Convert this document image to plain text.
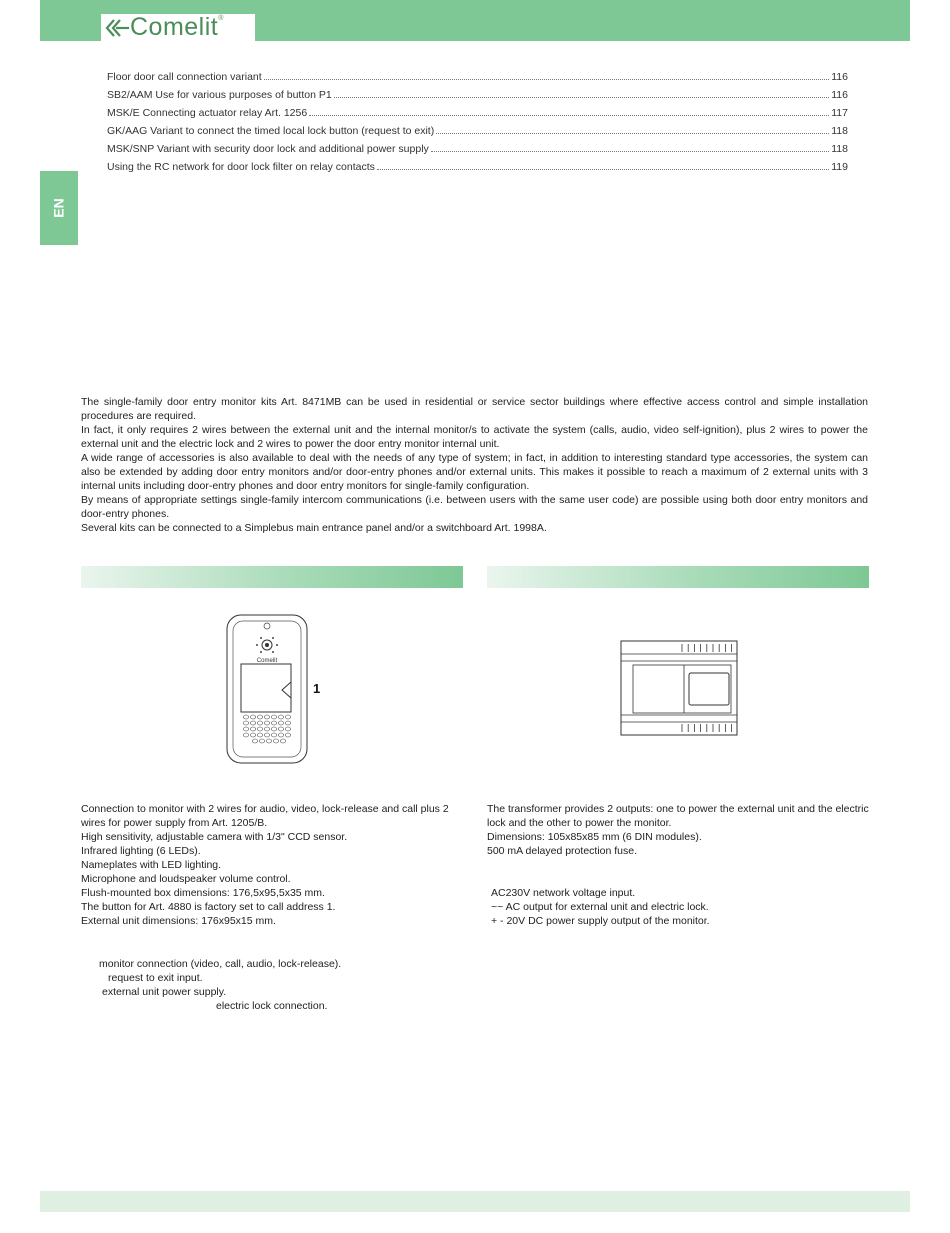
Comelit ®
EN
Floor door call connection variant	116
SB2/AAM Use for various purposes of button P1	116
MSK/E Connecting actuator relay Art. 1256	117
GK/AAG Variant to connect the timed local lock button (request to exit)	118
MSK/SNP Variant with security door lock and additional power supply	118
Using the RC network for door lock filter on relay contacts	119

The single-family door entry monitor kits Art. 8471MB can be used in residential or service sector buildings where effective access control and simple installation procedures are required.

In fact, it only requires 2 wires between the external unit and the internal monitor/s to activate the system (calls, audio, video self-ignition), plus 2 wires to power the external unit and the electric lock and 2 wires to power the door entry monitor internal unit.

A wide range of accessories is also available to deal with the needs of any type of system; in fact, in addition to interesting standard type accessories, the system can also be extended by adding door entry monitors and/or door-entry phones and/or external units. This makes it possible to reach a maximum of 2 external units with 3 internal units including door-entry phones and door entry monitors for single-family configuration.

By means of appropriate settings single-family intercom communications (i.e. between users with the same user code) are possible using both door entry monitors and door-entry phones.

Several kits can be connected to a Simplebus main entrance panel and/or a switchboard Art. 1998A.

Comelit
1

Connection to monitor with 2 wires for audio, video, lock-release and call plus 2 wires for power supply from Art. 1205/B.

High sensitivity, adjustable camera with 1/3" CCD sensor.

Infrared lighting (6 LEDs).

Nameplates with LED lighting.

Microphone and loudspeaker volume control.

Flush-mounted box dimensions: 176,5x95,5x35 mm.

The button for Art. 4880 is factory set to call address 1.

External unit dimensions: 176x95x15 mm.

The transformer provides 2 outputs: one to power the external unit and the electric lock and the other to power the monitor.

Dimensions: 105x85x85 mm (6 DIN modules).

500 mA delayed protection fuse.

AC230V network voltage input.

~~ AC output for external unit and electric lock.

+ - 20V DC power supply output of the monitor.

monitor connection (video, call, audio, lock-release).
request to exit input.
external unit power supply.
electric lock connection.
